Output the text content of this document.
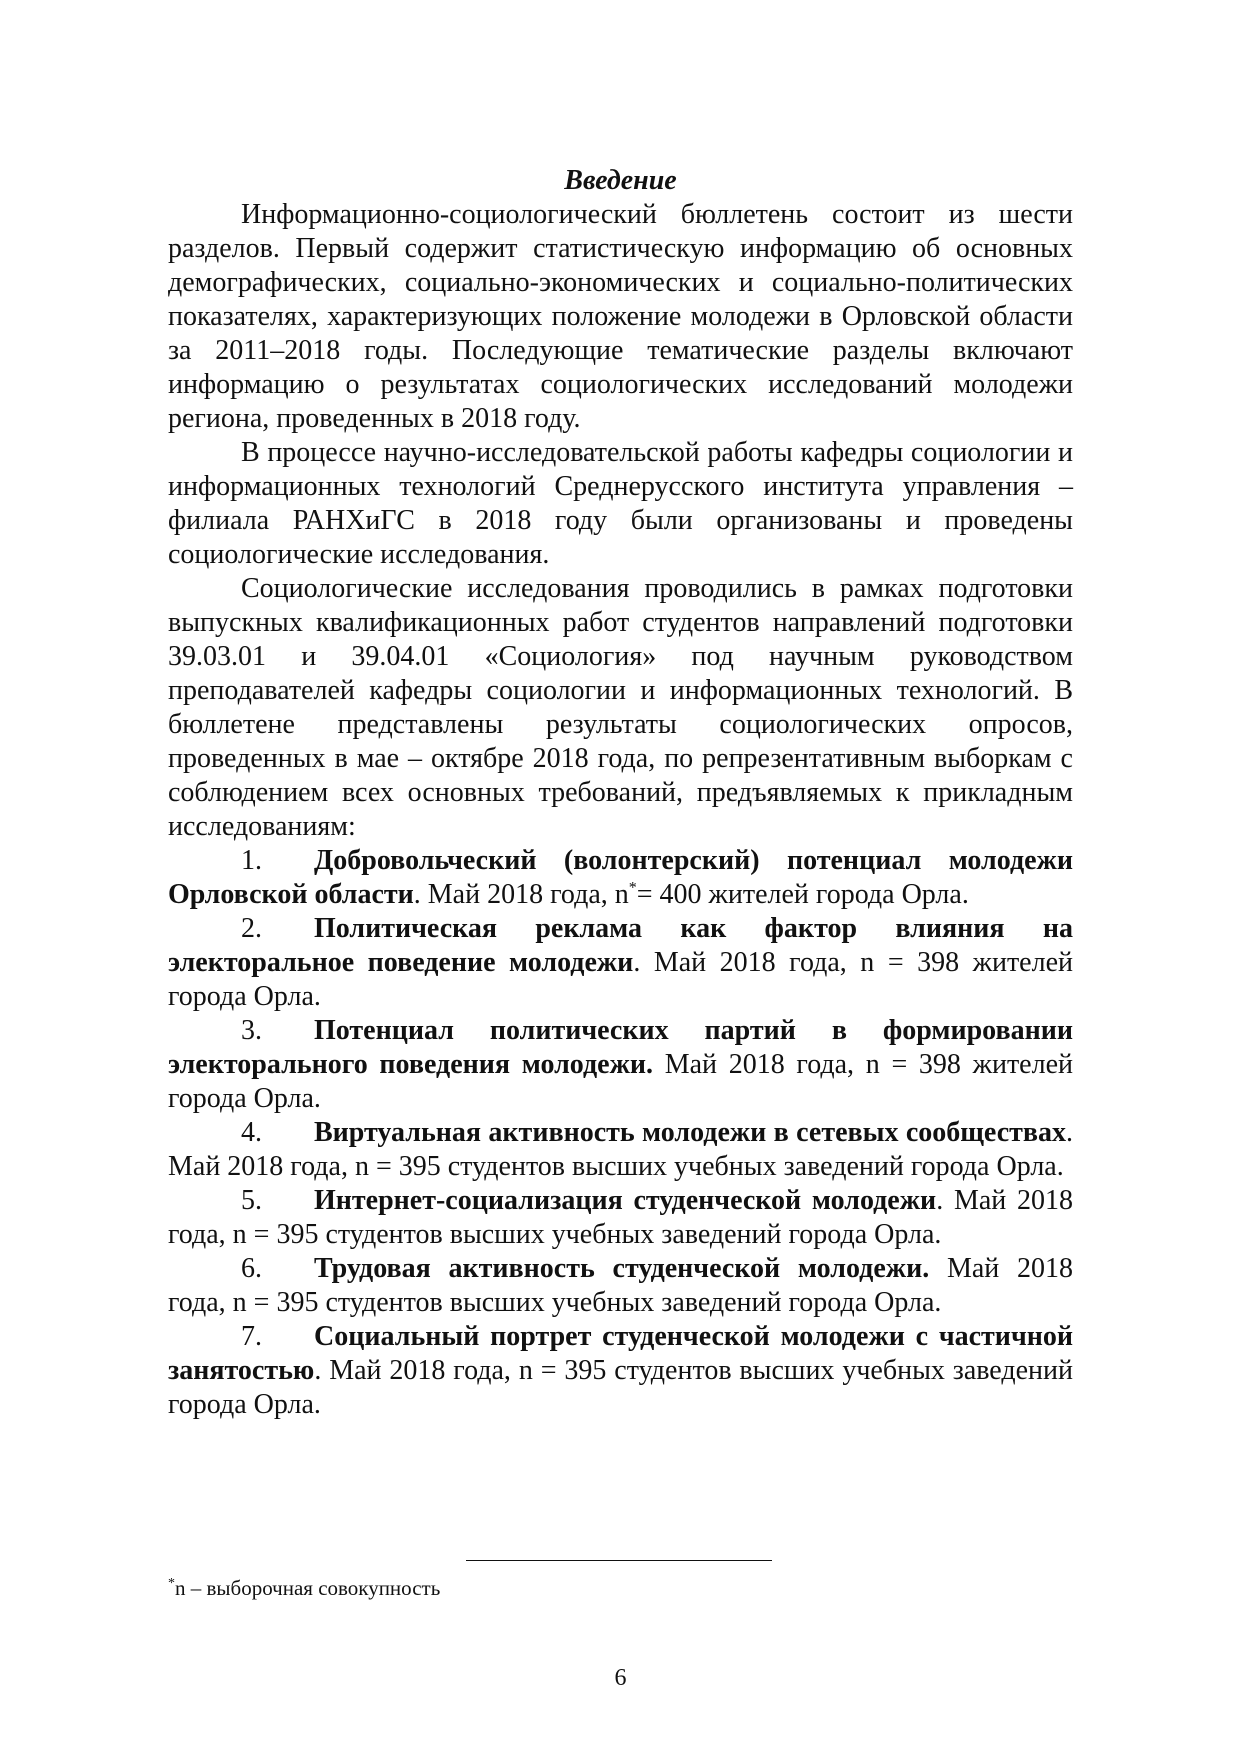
Введение

Информационно-социологический бюллетень состоит из шести разделов. Первый содержит статистическую информацию об основных демографических, социально-экономических и социально-политических показателях, характеризующих положение молодежи в Орловской области за 2011–2018 годы. Последующие тематические разделы включают информацию о результатах социологических исследований молодежи региона, проведенных в 2018 году.

В процессе научно-исследовательской работы кафедры социологии и информационных технологий Среднерусского института управления – филиала РАНХиГС в 2018 году были организованы и проведены социологические исследования.

Социологические исследования проводились в рамках подготовки выпускных квалификационных работ студентов направлений подготовки 39.03.01 и 39.04.01 «Социология» под научным руководством преподавателей кафедры социологии и информационных технологий. В бюллетене представлены результаты социологических опросов, проведенных в мае – октябре 2018 года, по репрезентативным выборкам с соблюдением всех основных требований, предъявляемых к прикладным исследованиям:

1. Добровольческий (волонтерский) потенциал молодежи Орловской области. Май 2018 года, n*= 400 жителей города Орла.

2. Политическая реклама как фактор влияния на электоральное поведение молодежи. Май 2018 года, n = 398 жителей города Орла.

3. Потенциал политических партий в формировании электорального поведения молодежи. Май 2018 года, n = 398 жителей города Орла.

4. Виртуальная активность молодежи в сетевых сообществах. Май 2018 года, n = 395 студентов высших учебных заведений города Орла.

5. Интернет-социализация студенческой молодежи. Май 2018 года, n = 395 студентов высших учебных заведений города Орла.

6. Трудовая активность студенческой молодежи. Май 2018 года, n = 395 студентов высших учебных заведений города Орла.

7. Социальный портрет студенческой молодежи с частичной занятостью. Май 2018 года, n = 395 студентов высших учебных заведений города Орла.

*n – выборочная совокупность
6
